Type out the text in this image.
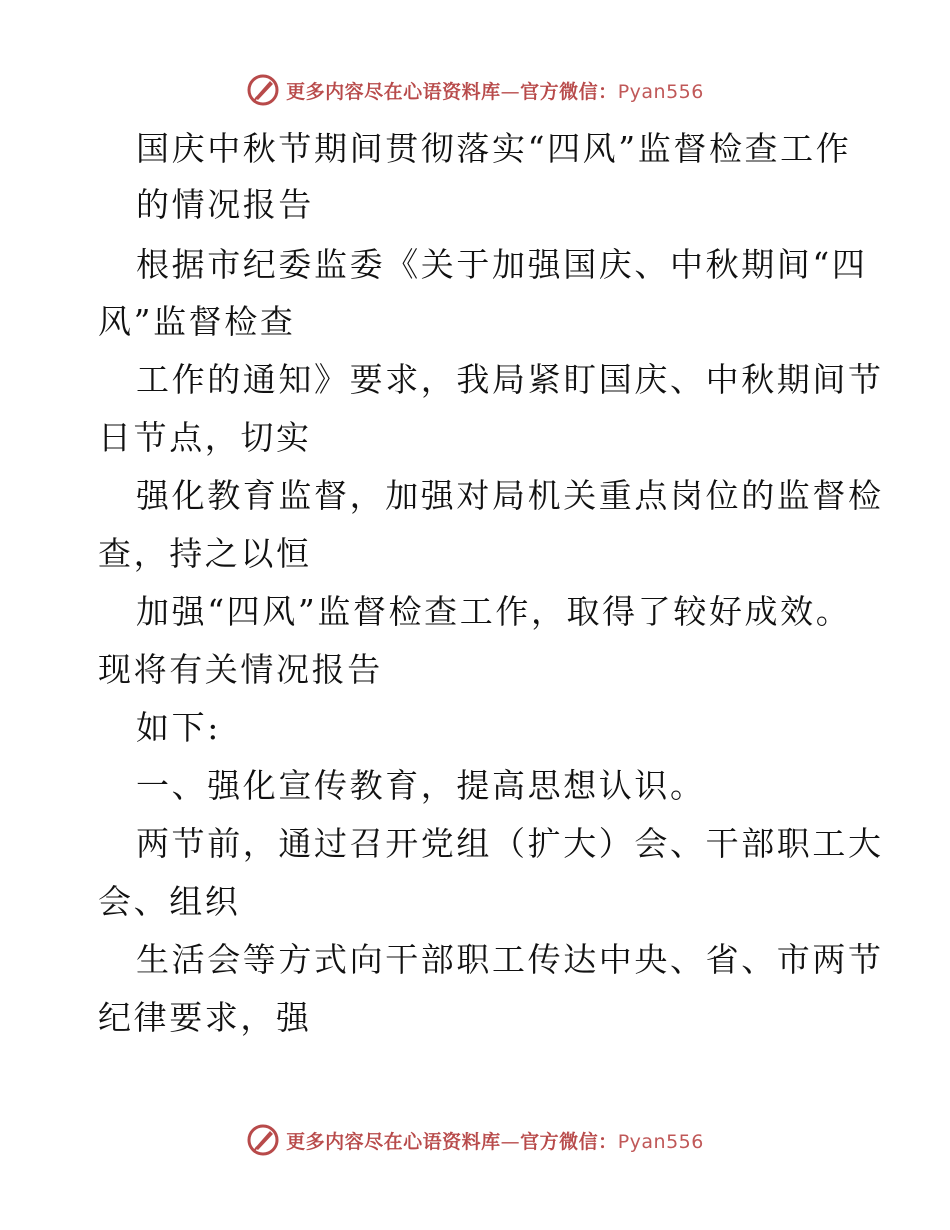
更多内容尽在心语资料库—官方微信：Pyan556
国庆中秋节期间贯彻落实“四风”监督检查工作
的情况报告
根据市纪委监委《关于加强国庆、中秋期间“四
风”监督检查
工作的通知》要求，我局紧盯国庆、中秋期间节
日节点，切实
强化教育监督，加强对局机关重点岗位的监督检
查，持之以恒
加强“四风”监督检查工作，取得了较好成效。
现将有关情况报告
如下:
一、强化宣传教育，提高思想认识。
两节前，通过召开党组（扩大）会、干部职工大
会、组织
生活会等方式向干部职工传达中央、省、市两节
纪律要求，强
更多内容尽在心语资料库—官方微信：Pyan556
